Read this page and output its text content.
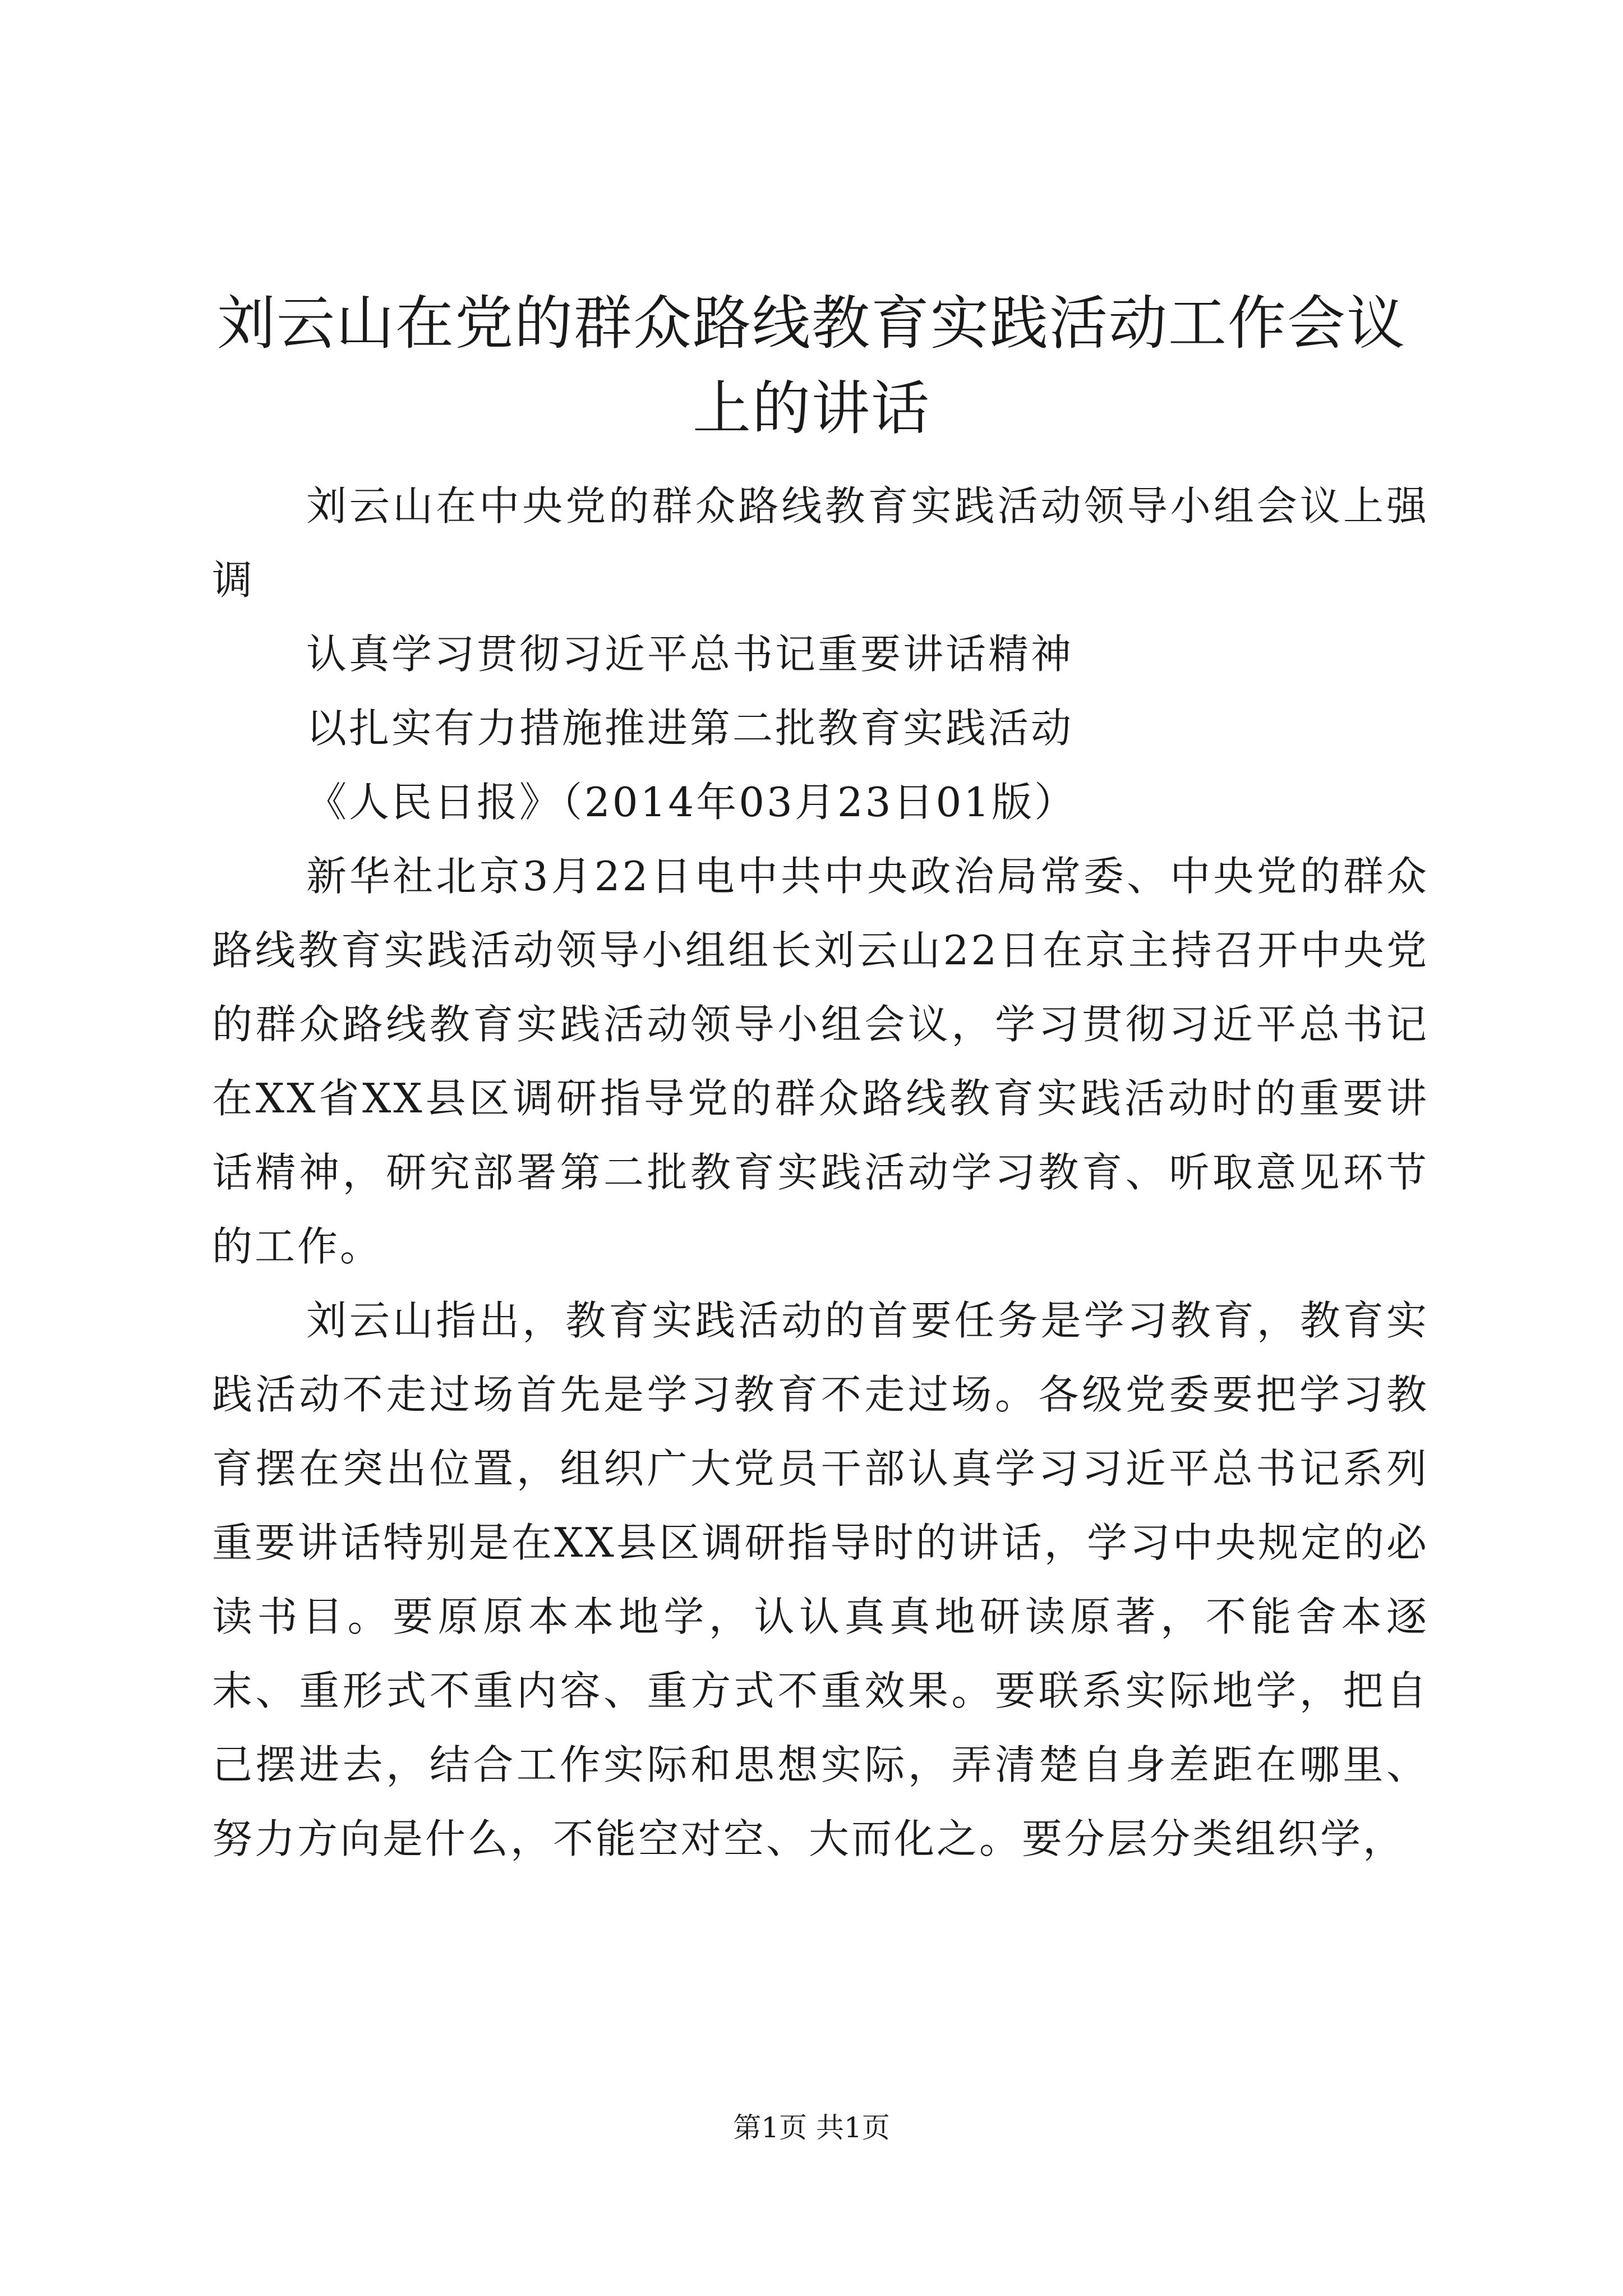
刘云山在党的群众路线教育实践活动工作会议
上的讲话

刘云山在中央党的群众路线教育实践活动领导小组会议上强调

认真学习贯彻习近平总书记重要讲话精神

以扎实有力措施推进第二批教育实践活动

《人民日报》（2014年03月23日01版）

新华社北京3月22日电中共中央政治局常委、中央党的群众路线教育实践活动领导小组组长刘云山22日在京主持召开中央党的群众路线教育实践活动领导小组会议，学习贯彻习近平总书记在XX省XX县区调研指导党的群众路线教育实践活动时的重要讲话精神，研究部署第二批教育实践活动学习教育、听取意见环节的工作。

刘云山指出，教育实践活动的首要任务是学习教育，教育实践活动不走过场首先是学习教育不走过场。各级党委要把学习教育摆在突出位置，组织广大党员干部认真学习习近平总书记系列重要讲话特别是在XX县区调研指导时的讲话，学习中央规定的必读书目。要原原本本地学，认认真真地研读原著，不能舍本逐末、重形式不重内容、重方式不重效果。要联系实际地学，把自己摆进去，结合工作实际和思想实际，弄清楚自身差距在哪里、努力方向是什么，不能空对空、大而化之。要分层分类组织学，

第1页 共1页
